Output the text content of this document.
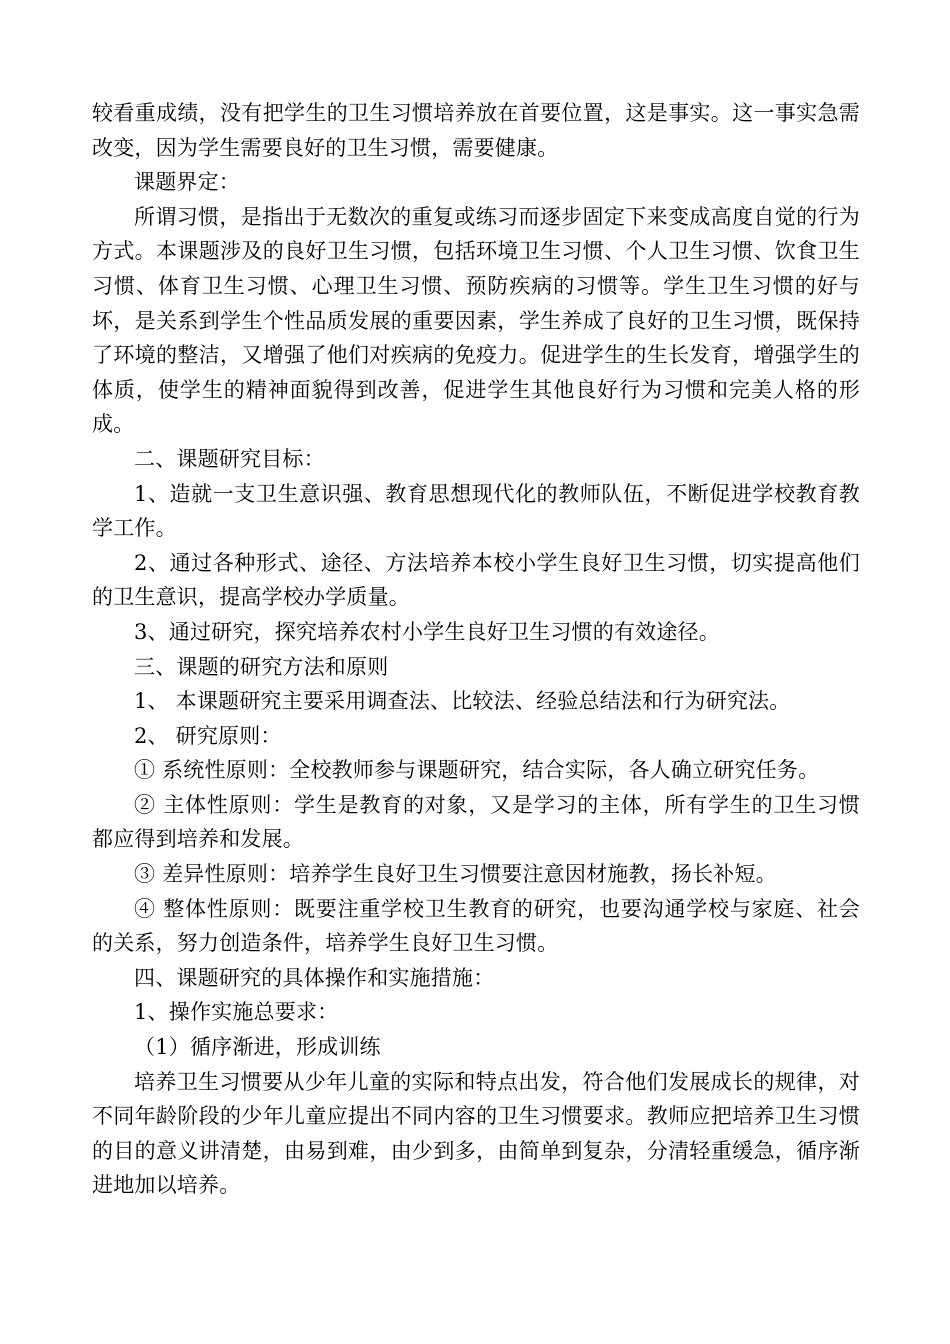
较看重成绩，没有把学生的卫生习惯培养放在首要位置，这是事实。这一事实急需改变，因为学生需要良好的卫生习惯，需要健康。

课题界定：

所谓习惯，是指出于无数次的重复或练习而逐步固定下来变成高度自觉的行为方式。本课题涉及的良好卫生习惯，包括环境卫生习惯、个人卫生习惯、饮食卫生习惯、体育卫生习惯、心理卫生习惯、预防疾病的习惯等。学生卫生习惯的好与坏，是关系到学生个性品质发展的重要因素，学生养成了良好的卫生习惯，既保持了环境的整洁，又增强了他们对疾病的免疫力。促进学生的生长发育，增强学生的体质，使学生的精神面貌得到改善，促进学生其他良好行为习惯和完美人格的形成。

二、课题研究目标：

1、造就一支卫生意识强、教育思想现代化的教师队伍，不断促进学校教育教学工作。

2、通过各种形式、途径、方法培养本校小学生良好卫生习惯，切实提高他们的卫生意识，提高学校办学质量。

3、通过研究，探究培养农村小学生良好卫生习惯的有效途径。

三、课题的研究方法和原则

1、 本课题研究主要采用调查法、比较法、经验总结法和行为研究法。

2、 研究原则：

① 系统性原则：全校教师参与课题研究，结合实际，各人确立研究任务。

② 主体性原则：学生是教育的对象，又是学习的主体，所有学生的卫生习惯都应得到培养和发展。

③ 差异性原则：培养学生良好卫生习惯要注意因材施教，扬长补短。

④ 整体性原则：既要注重学校卫生教育的研究，也要沟通学校与家庭、社会的关系，努力创造条件，培养学生良好卫生习惯。

四、课题研究的具体操作和实施措施：

1、操作实施总要求：

（1）循序渐进，形成训练

培养卫生习惯要从少年儿童的实际和特点出发，符合他们发展成长的规律，对不同年龄阶段的少年儿童应提出不同内容的卫生习惯要求。教师应把培养卫生习惯的目的意义讲清楚，由易到难，由少到多，由简单到复杂，分清轻重缓急，循序渐进地加以培养。
